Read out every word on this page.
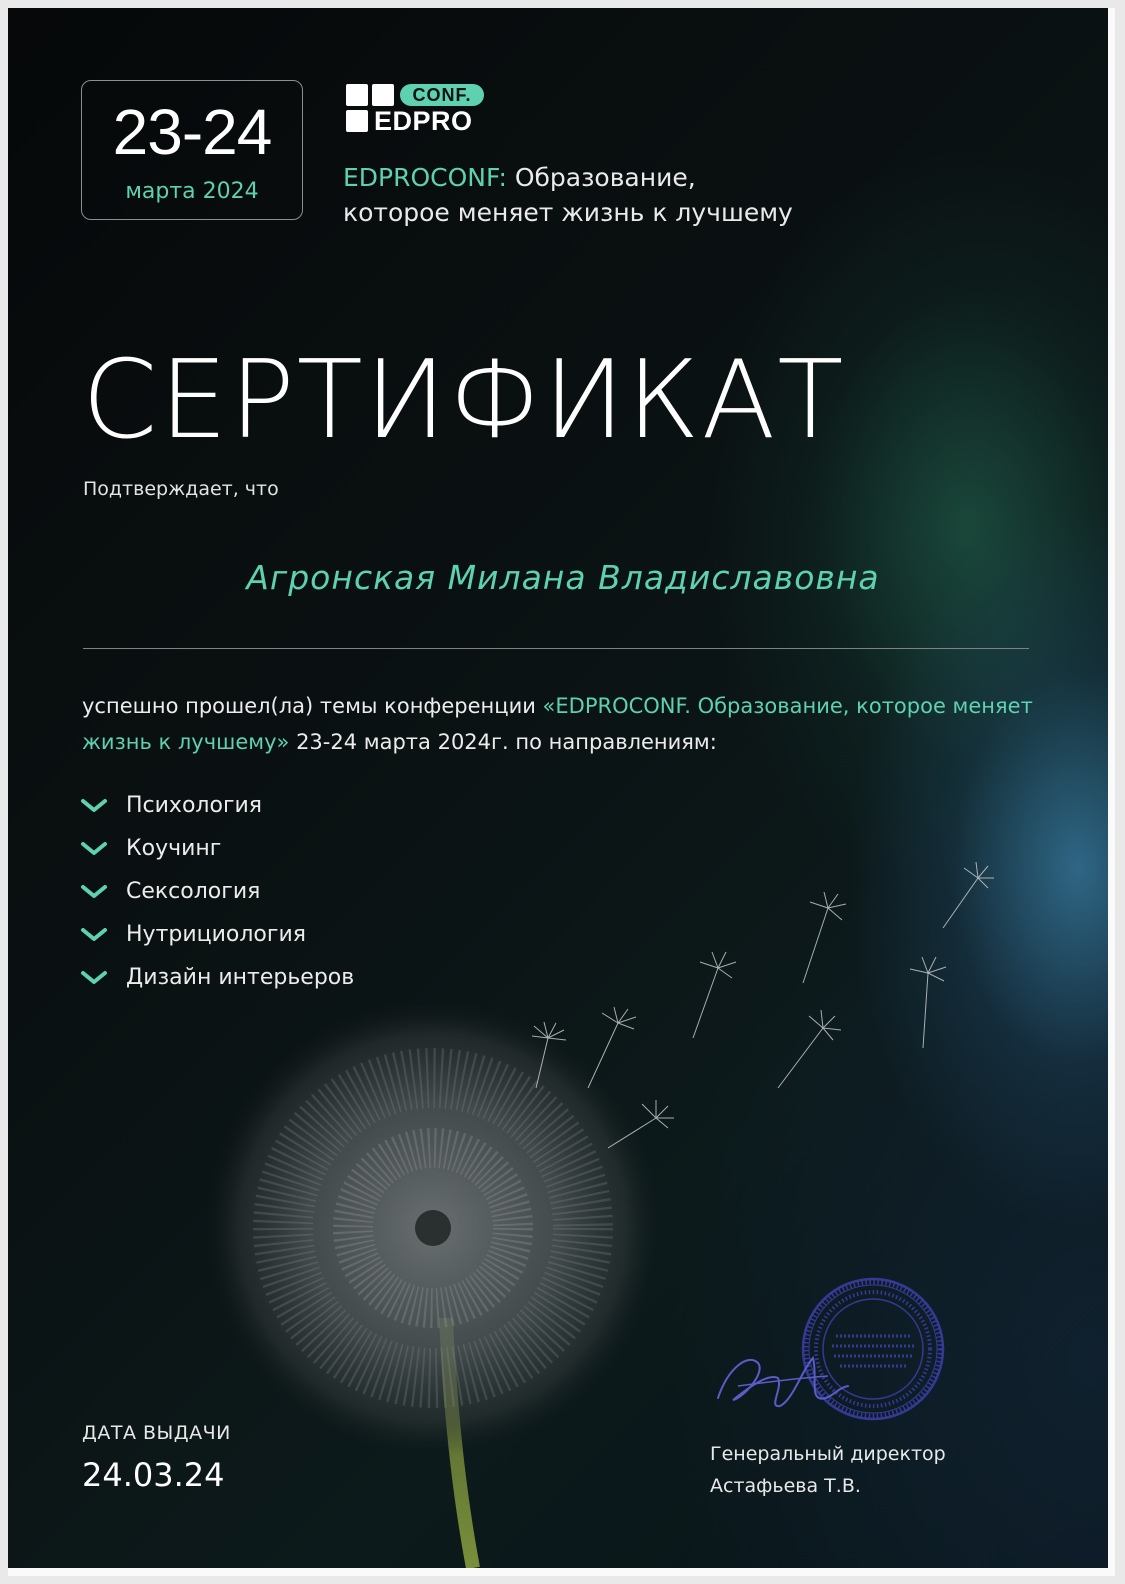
23-24
марта 2024
CONF.
EDPRO
EDPROCONF: Образование,
которое меняет жизнь к лучшему
СЕРТИФИКАТ
Подтверждает, что
Агронская Милана Владиславовна
успешно прошел(ла) темы конференции «EDPROCONF. Образование, которое меняет жизнь к лучшему» 23-24 марта 2024г. по направлениям:
Психология
Коучинг
Сексология
Нутрициология
Дизайн интерьеров
ДАТА ВЫДАЧИ
24.03.24
Генеральный директор
Астафьева Т.В.
